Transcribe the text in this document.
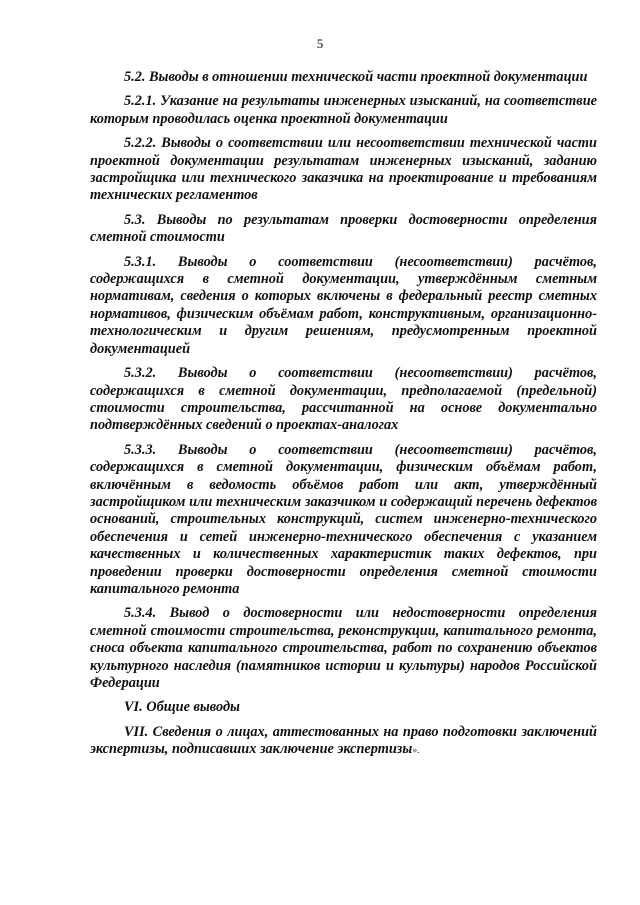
5

5.2. Выводы в отношении технической части проектной документации

5.2.1. Указание на результаты инженерных изысканий, на соответствие которым проводилась оценка проектной документации

5.2.2. Выводы о соответствии или несоответствии технической части проектной документации результатам инженерных изысканий, заданию застройщика или технического заказчика на проектирование и требованиям технических регламентов

5.3. Выводы по результатам проверки достоверности определения сметной стоимости

5.3.1. Выводы о соответствии (несоответствии) расчётов, содержащихся в сметной документации, утверждённым сметным нормативам, сведения о которых включены в федеральный реестр сметных нормативов, физическим объёмам работ, конструктивным, организационно-технологическим и другим решениям, предусмотренным проектной документацией

5.3.2. Выводы о соответствии (несоответствии) расчётов, содержащихся в сметной документации, предполагаемой (предельной) стоимости строительства, рассчитанной на основе документально подтверждённых сведений о проектах-аналогах

5.3.3. Выводы о соответствии (несоответствии) расчётов, содержащихся в сметной документации, физическим объёмам работ, включённым в ведомость объёмов работ или акт, утверждённый застройщиком или техническим заказчиком и содержащий перечень дефектов оснований, строительных конструкций, систем инженерно-технического обеспечения и сетей инженерно-технического обеспечения с указанием качественных и количественных характеристик таких дефектов, при проведении проверки достоверности определения сметной стоимости капитального ремонта

5.3.4. Вывод о достоверности или недостоверности определения сметной стоимости строительства, реконструкции, капитального ремонта, сноса объекта капитального строительства, работ по сохранению объектов культурного наследия (памятников истории и культуры) народов Российской Федерации

VI. Общие выводы

VII. Сведения о лицах, аттестованных на право подготовки заключений экспертизы, подписавших заключение экспертизы».
